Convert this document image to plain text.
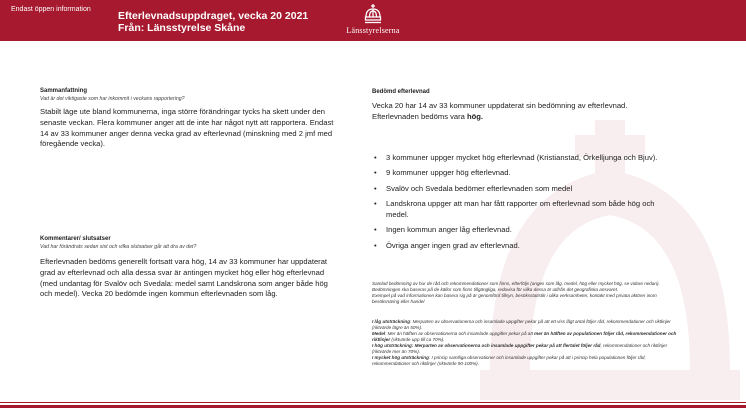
Endast öppen information
Efterlevnadsuppdraget, vecka 20 2021
Från: Länsstyrelse Skåne	Länsstyrelserna
Sammanfattning
Vad är det viktigaste som har inkommit i veckans rapportering?
Stabilt läge ute bland kommunerna, inga större förändringar tycks ha skett under den senaste veckan. Flera kommuner anger att de inte har något nytt att rapportera. Endast 14 av 33 kommuner anger denna vecka grad av efterlevnad (minskning med 2 jmf med föregående vecka).
Kommentarer/ slutsatser
Vad har förändrats sedan sist och vilka slutsatser går att dra av det?
Efterlevnaden bedöms generellt fortsatt vara hög, 14 av 33 kommuner har uppdaterat grad av efterlevnad och alla dessa svar är antingen mycket hög eller hög efterlevnad (med undantag för Svalöv och Svedala: medel samt Landskrona som anger både hög och medel). Vecka 20 bedömde ingen kommun efterlevnaden som låg.
Bedömd efterlevnad
Vecka 20 har 14 av 33 kommuner uppdaterat sin bedömning av efterlevnad. Efterlevnaden bedöms vara hög.
• 3 kommuner uppger mycket hög efterlevnad (Kristianstad, Örkelljunga och Bjuv).
• 9 kommuner uppger hög efterlevnad.
• Svalöv och Svedala bedömer efterlevnaden som medel
• Landskrona uppger att man har fått rapporter om efterlevnad som både hög och medel.
• Ingen kommun anger låg efterlevnad.
• Övriga anger ingen grad av efterlevnad.
Samlad bedömning av hur de råd och rekommendationer som finns, efterföljs (anges som låg, medel, hög eller mycket hög, se vidare nedan).
Bedömningen ska baseras på de källor som finns tillgängliga, redovisa för vilka dessa är utifrån det geografiska ansvaret.
Exempel på vad informationen kan basera sig på är genomförd tillsyn, besöksstatistik i olika verksamheter, kontakt med privata aktörer inom besöksnäring eller handel
I låg utsträckning: Merparten av observationerna och insamlade uppgifter pekar på att ett viss lågt antal följer råd, rekommendationer och riktlinjer (riktvärde lägre än 50%).
Medel: Mer än hälften av observationerna och insamlade uppgifter pekar på att mer än hälften av populationen följer råd, rekommendationer och riktlinjer (riktvärde upp till ca 70%).
I hög utsträckning: Merparten av observationerna och insamlade uppgifter pekar på att flertalet följer råd, rekommendationer och riktlinjer (riktvärde mer än 70%).
I mycket hög utsträckning: I princip samtliga observationer och insamlade uppgifter pekar på att i princip hela populationen följer råd, rekommendationer och riktlinjer (riktvärde 90-100%).
